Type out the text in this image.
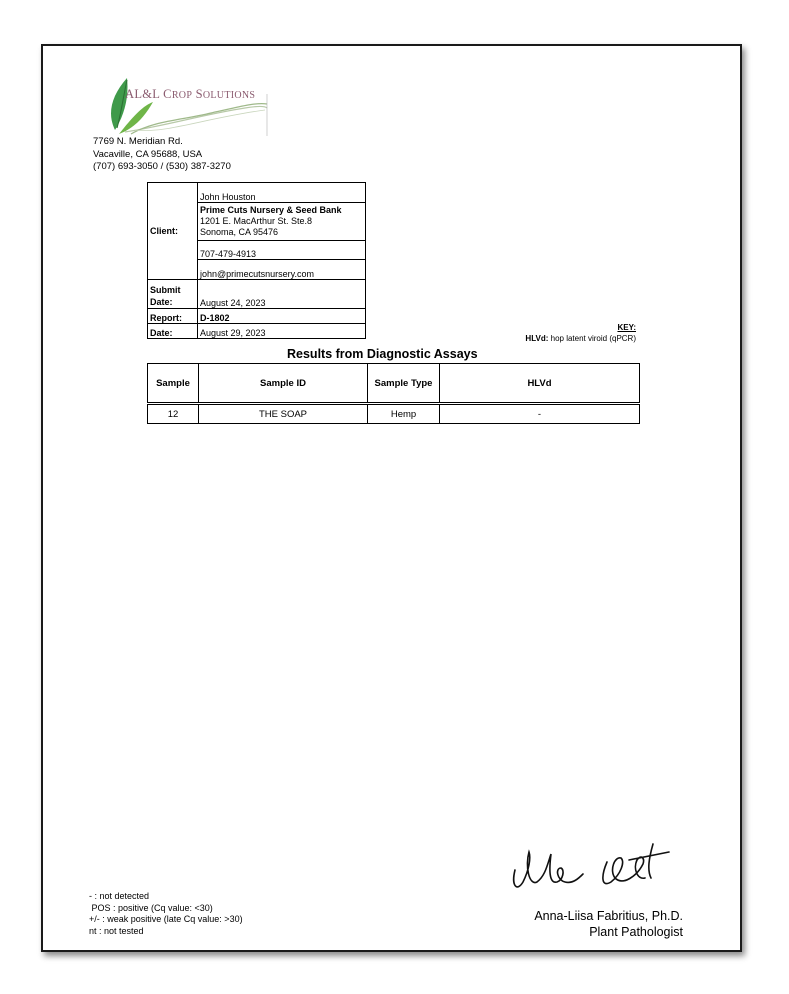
AL&L CROP SOLUTIONS
7769 N. Meridian Rd.
Vacaville, CA 95688, USA
(707) 693-3050 / (530) 387-3270
Client:	John Houston

	Prime Cuts Nursery & Seed Bank
1201 E. MacArthur St. Ste.8
Sonoma, CA 95476

	707-479-4913
	john@primecutsnursery.com

Submit
Date:	August 24, 2023
Report:	D-1802
Date:	August 29, 2023
KEY:
HLVd: hop latent viroid (qPCR)
Results from Diagnostic Assays
Sample	Sample ID	Sample Type	HLVd
12	THE SOAP	Hemp	-
- : not detected
POS : positive (Cq value: <30)
+/- : weak positive (late Cq value: >30)
nt : not tested
Anna-Liisa Fabritius, Ph.D.
Plant Pathologist
